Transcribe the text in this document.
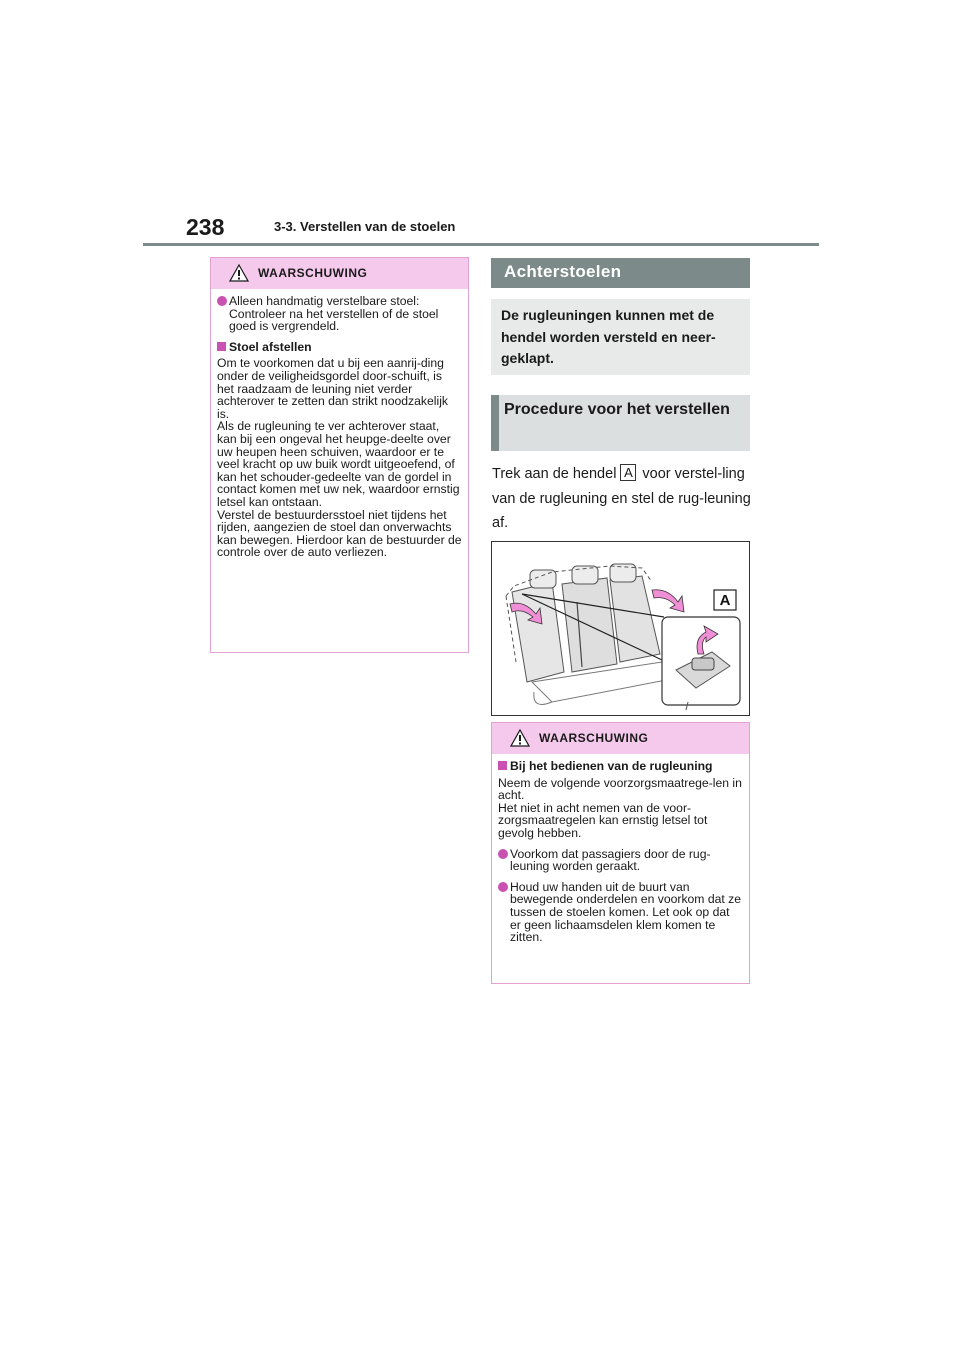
238	3-3. Verstellen van de stoelen
WAARSCHUWING
Alleen handmatig verstelbare stoel: Controleer na het verstellen of de stoel goed is vergrendeld.
Stoel afstellen
Om te voorkomen dat u bij een aanrij-ding onder de veiligheidsgordel door-schuift, is het raadzaam de leuning niet verder achterover te zetten dan strikt noodzakelijk is.
Als de rugleuning te ver achterover staat, kan bij een ongeval het heupge-deelte over uw heupen heen schuiven, waardoor er te veel kracht op uw buik wordt uitgeoefend, of kan het schouder-gedeelte van de gordel in contact komen met uw nek, waardoor ernstig letsel kan ontstaan.
Verstel de bestuurdersstoel niet tijdens het rijden, aangezien de stoel dan onverwachts kan bewegen. Hierdoor kan de bestuurder de controle over de auto verliezen.
Achterstoelen

De rugleuningen kunnen met de hendel worden versteld en neer-geklapt.

Procedure voor het verstellen

Trek aan de hendel A voor verstel-ling van de rugleuning en stel de rug-leuning af.
A
WAARSCHUWING
Bij het bedienen van de rugleuning
Neem de volgende voorzorgsmaatrege-len in acht.
Het niet in acht nemen van de voor-zorgsmaatregelen kan ernstig letsel tot gevolg hebben.
Voorkom dat passagiers door de rug-leuning worden geraakt.
Houd uw handen uit de buurt van bewegende onderdelen en voorkom dat ze tussen de stoelen komen. Let ook op dat er geen lichaamsdelen klem komen te zitten.
